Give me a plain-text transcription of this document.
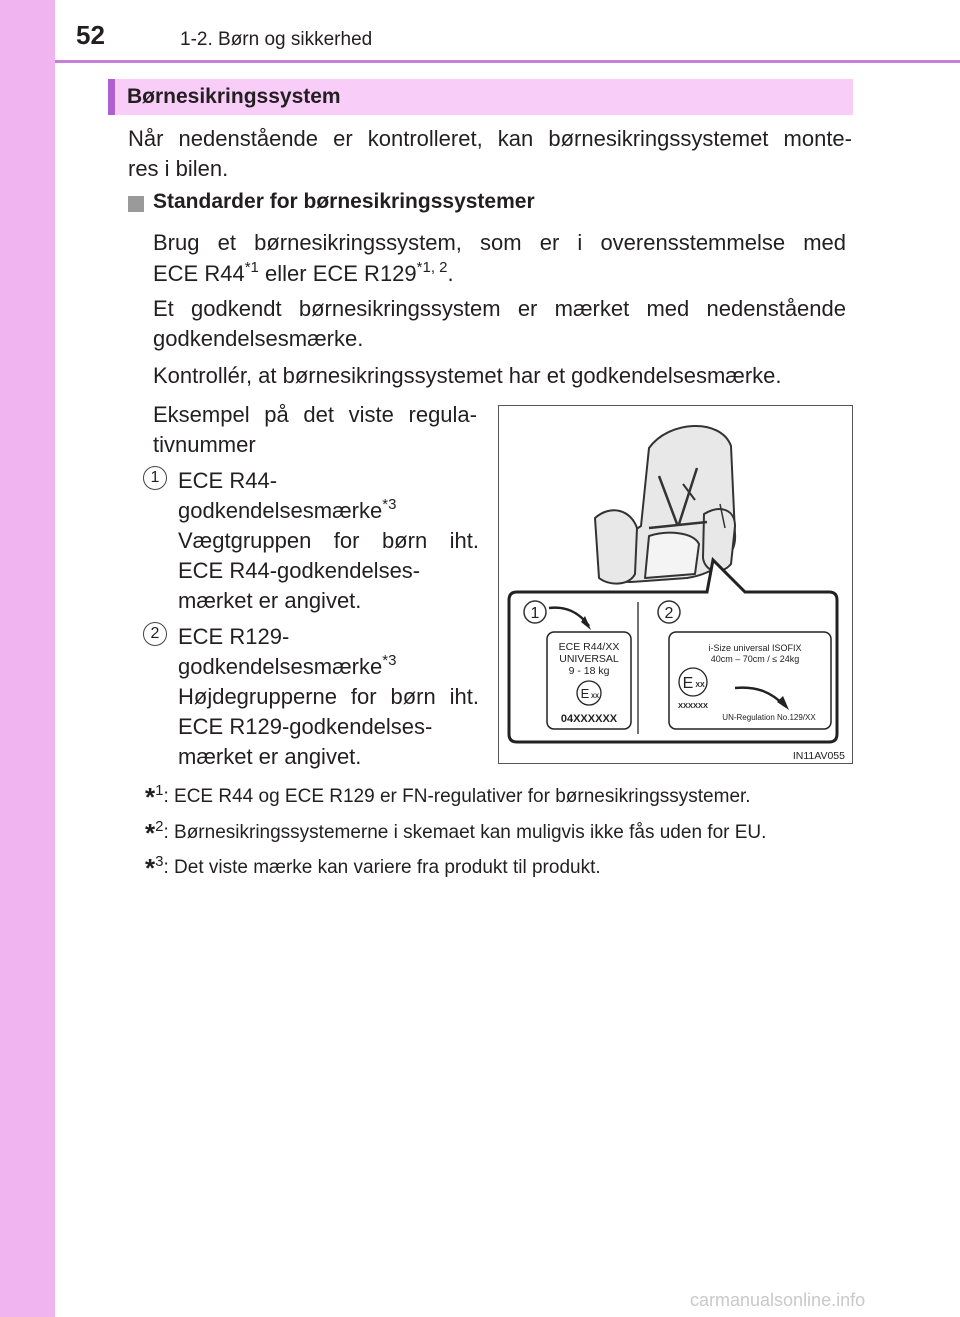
52	1-2. Børn og sikkerhed
Børnesikringssystem
Når nedenstående er kontrolleret, kan børnesikringssystemet monte-
res i bilen.
Standarder for børnesikringssystemer
Brug et børnesikringssystem, som er i overensstemmelse med
ECE R44$^{*1}$ eller ECE R129$^{*1, 2}$.
Et godkendt børnesikringssystem er mærket med nedenstående
godkendelsesmærke.
Kontrollér, at børnesikringssystemet har et godkendelsesmærke.
Eksempel på det viste regula-
tivnummer
1 ECE R44-
godkendelsesmærke$^{*3}$
Vægtgruppen for børn iht.
ECE R44-godkendelses-
mærket er angivet.
2 ECE R129-
godkendelsesmærke$^{*3}$
Højdegrupperne for børn iht.
ECE R129-godkendelses-
mærket er angivet.
1
ECE R44/XX
UNIVERSAL
9 - 18 kg
E XX
04XXXXXX
2
i-Size universal ISOFIX
40cm – 70cm / ≤ 24kg
E XX
XXXXXX
UN-Regulation No.129/XX
IN11AV055
*$^1$: ECE R44 og ECE R129 er FN-regulativer for børnesikringssystemer.
*$^2$: Børnesikringssystemerne i skemaet kan muligvis ikke fås uden for EU.
*$^3$: Det viste mærke kan variere fra produkt til produkt.
carmanualsonline.info
